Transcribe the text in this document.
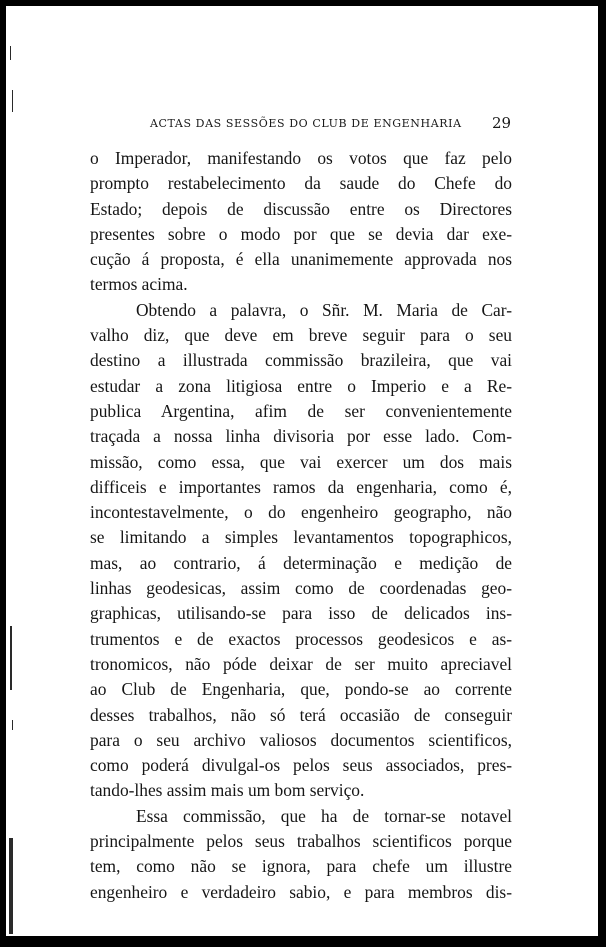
ACTAS DAS SESSÕES DO CLUB DE ENGENHARIA 29
o Imperador, manifestando os votos que faz pelo
prompto restabelecimento da saude do Chefe do
Estado; depois de discussão entre os Directores
presentes sobre o modo por que se devia dar exe-
cução á proposta, é ella unanimemente approvada nos
termos acima.
Obtendo a palavra, o Sñr. M. Maria de Car-
valho diz, que deve em breve seguir para o seu
destino a illustrada commissão brazileira, que vai
estudar a zona litigiosa entre o Imperio e a Re-
publica Argentina, afim de ser convenientemente
traçada a nossa linha divisoria por esse lado. Com-
missão, como essa, que vai exercer um dos mais
difficeis e importantes ramos da engenharia, como é,
incontestavelmente, o do engenheiro geographo, não
se limitando a simples levantamentos topographicos,
mas, ao contrario, á determinação e medição de
linhas geodesicas, assim como de coordenadas geo-
graphicas, utilisando-se para isso de delicados ins-
trumentos e de exactos processos geodesicos e as-
tronomicos, não póde deixar de ser muito apreciavel
ao Club de Engenharia, que, pondo-se ao corrente
desses trabalhos, não só terá occasião de conseguir
para o seu archivo valiosos documentos scientificos,
como poderá divulgal-os pelos seus associados, pres-
tando-lhes assim mais um bom serviço.
Essa commissão, que ha de tornar-se notavel
principalmente pelos seus trabalhos scientificos porque
tem, como não se ignora, para chefe um illustre
engenheiro e verdadeiro sabio, e para membros dis-
